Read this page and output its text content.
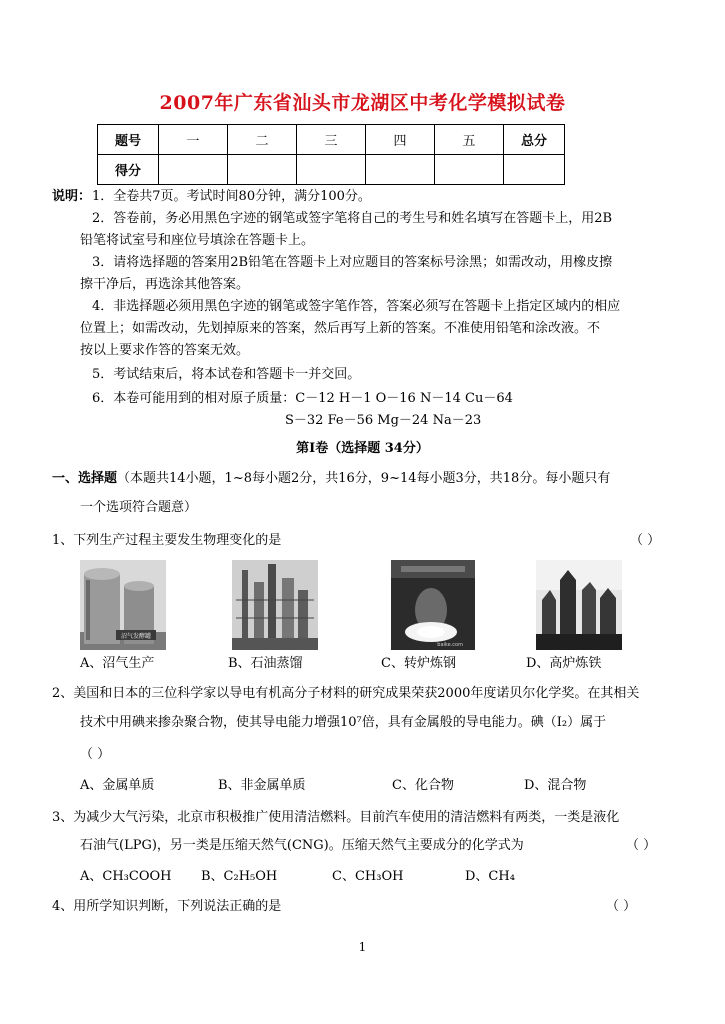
2007年广东省汕头市龙湖区中考化学模拟试卷
题号	一	二	三	四	五	总分
得分						
说明： 1．全卷共7页。考试时间80分钟，满分100分。
2．答卷前，务必用黑色字迹的钢笔或签字笔将自己的考生号和姓名填写在答题卡上，用2B
铅笔将试室号和座位号填涂在答题卡上。
3．请将选择题的答案用2B铅笔在答题卡上对应题目的答案标号涂黑；如需改动，用橡皮擦
擦干净后，再选涂其他答案。
4．非选择题必须用黑色字迹的钢笔或签字笔作答，答案必须写在答题卡上指定区域内的相应
位置上；如需改动，先划掉原来的答案，然后再写上新的答案。不准使用铅笔和涂改液。不
按以上要求作答的答案无效。
5．考试结束后，将本试卷和答题卡一并交回。
6．本卷可能用到的相对原子质量：C－12 H－1 O－16 N－14 Cu－64
S－32 Fe－56 Mg－24 Na－23
第Ⅰ卷（选择题 34分）
一、选择题（本题共14小题，1~8每小题2分，共16分，9~14每小题3分，共18分。每小题只有
一个选项符合题意）
1、下列生产过程主要发生物理变化的是	（ ）
沼气发酵罐
baike.com
A、沼气生产	B、石油蒸馏	C、转炉炼钢	D、高炉炼铁
2、美国和日本的三位科学家以导电有机高分子材料的研究成果荣获2000年度诺贝尔化学奖。在其相关
技术中用碘来掺杂聚合物，使其导电能力增强10⁷倍，具有金属般的导电能力。碘（I₂）属于
（ ）
A、金属单质	B、非金属单质	C、化合物	D、混合物
3、为减少大气污染，北京市积极推广使用清洁燃料。目前汽车使用的清洁燃料有两类，一类是液化
石油气(LPG)，另一类是压缩天然气(CNG)。压缩天然气主要成分的化学式为	（ ）
A、CH₃COOH B、C₂H₅OH	C、CH₃OH	D、CH₄
4、用所学知识判断，下列说法正确的是	（ ）
1
